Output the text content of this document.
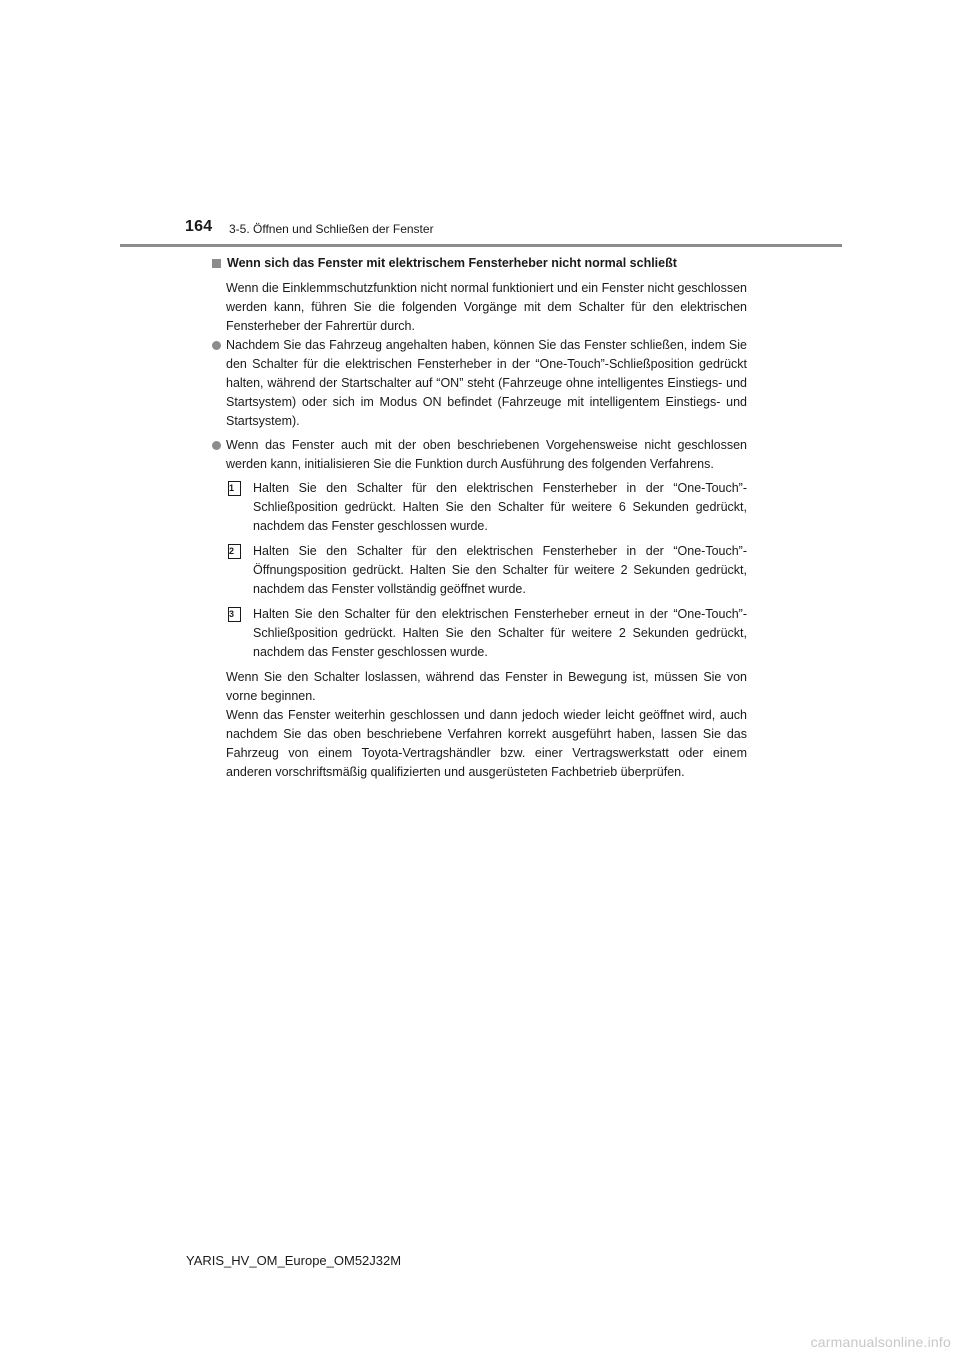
164 3-5. Öffnen und Schließen der Fenster
Wenn sich das Fenster mit elektrischem Fensterheber nicht normal schließt

Wenn die Einklemmschutzfunktion nicht normal funktioniert und ein Fenster nicht geschlossen werden kann, führen Sie die folgenden Vorgänge mit dem Schalter für den elektrischen Fensterheber der Fahrertür durch.

Nachdem Sie das Fahrzeug angehalten haben, können Sie das Fenster schließen, indem Sie den Schalter für die elektrischen Fensterheber in der “One-Touch”-Schließposition gedrückt halten, während der Startschalter auf “ON” steht (Fahrzeuge ohne intelligentes Einstiegs- und Startsystem) oder sich im Modus ON befindet (Fahrzeuge mit intelligentem Einstiegs- und Startsystem).
Wenn das Fenster auch mit der oben beschriebenen Vorgehensweise nicht geschlossen werden kann, initialisieren Sie die Funktion durch Ausführung des folgenden Verfahrens.
1	Halten Sie den Schalter für den elektrischen Fensterheber in der “One-Touch”-Schließposition gedrückt. Halten Sie den Schalter für weitere 6 Sekunden gedrückt, nachdem das Fenster geschlossen wurde.
2	Halten Sie den Schalter für den elektrischen Fensterheber in der “One-Touch”-Öffnungsposition gedrückt. Halten Sie den Schalter für weitere 2 Sekunden gedrückt, nachdem das Fenster vollständig geöffnet wurde.
3	Halten Sie den Schalter für den elektrischen Fensterheber erneut in der “One-Touch”-Schließposition gedrückt. Halten Sie den Schalter für weitere 2 Sekunden gedrückt, nachdem das Fenster geschlossen wurde.

Wenn Sie den Schalter loslassen, während das Fenster in Bewegung ist, müssen Sie von vorne beginnen.

Wenn das Fenster weiterhin geschlossen und dann jedoch wieder leicht geöffnet wird, auch nachdem Sie das oben beschriebene Verfahren korrekt ausgeführt haben, lassen Sie das Fahrzeug von einem Toyota-Vertragshändler bzw. einer Vertragswerkstatt oder einem anderen vorschriftsmäßig qualifizierten und ausgerüsteten Fachbetrieb überprüfen.

YARIS_HV_OM_Europe_OM52J32M
carmanualsonline.info
